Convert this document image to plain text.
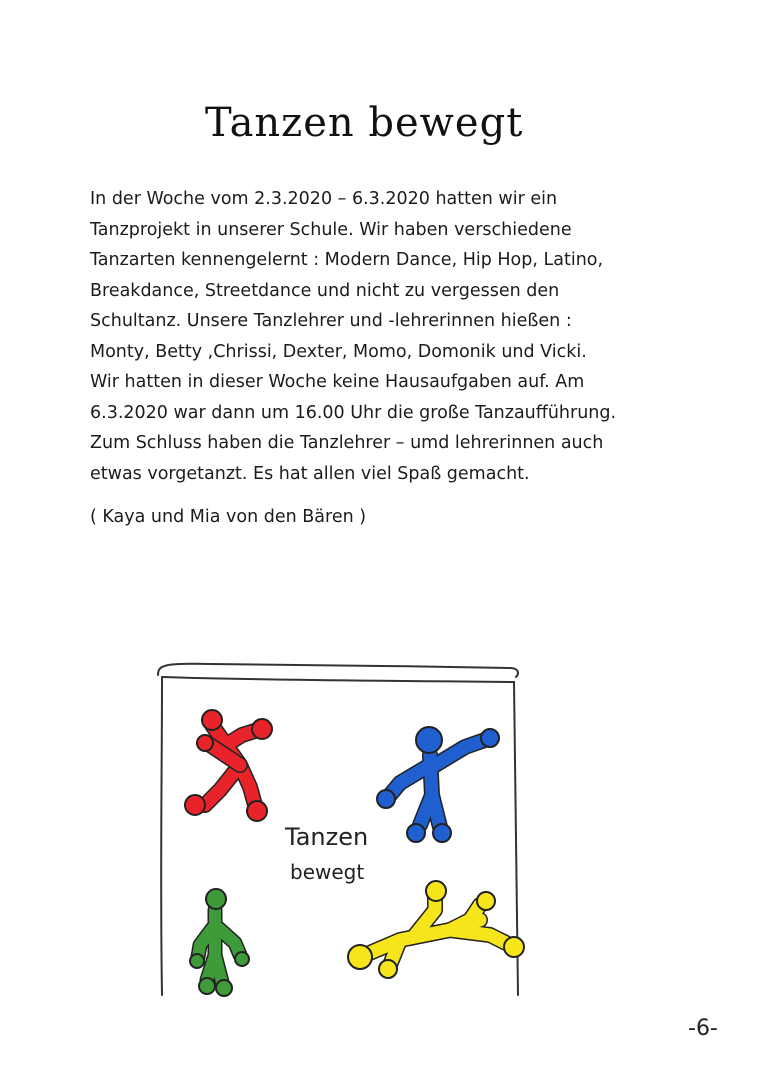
Tanzen bewegt
In der Woche vom 2.3.2020 – 6.3.2020 hatten wir ein
Tanzprojekt in unserer Schule. Wir haben verschiedene
Tanzarten kennengelernt : Modern Dance, Hip Hop, Latino,
Breakdance, Streetdance und nicht zu vergessen den
Schultanz. Unsere Tanzlehrer und -lehrerinnen hießen :
Monty, Betty ,Chrissi, Dexter, Momo, Domonik und Vicki.
Wir hatten in dieser Woche keine Hausaufgaben auf. Am
6.3.2020 war dann um 16.00 Uhr die große Tanzaufführung.
Zum Schluss haben die Tanzlehrer – umd lehrerinnen auch
etwas vorgetanzt. Es hat allen viel Spaß gemacht.
( Kaya und Mia von den Bären )
Tanzen
bewegt
-6-
